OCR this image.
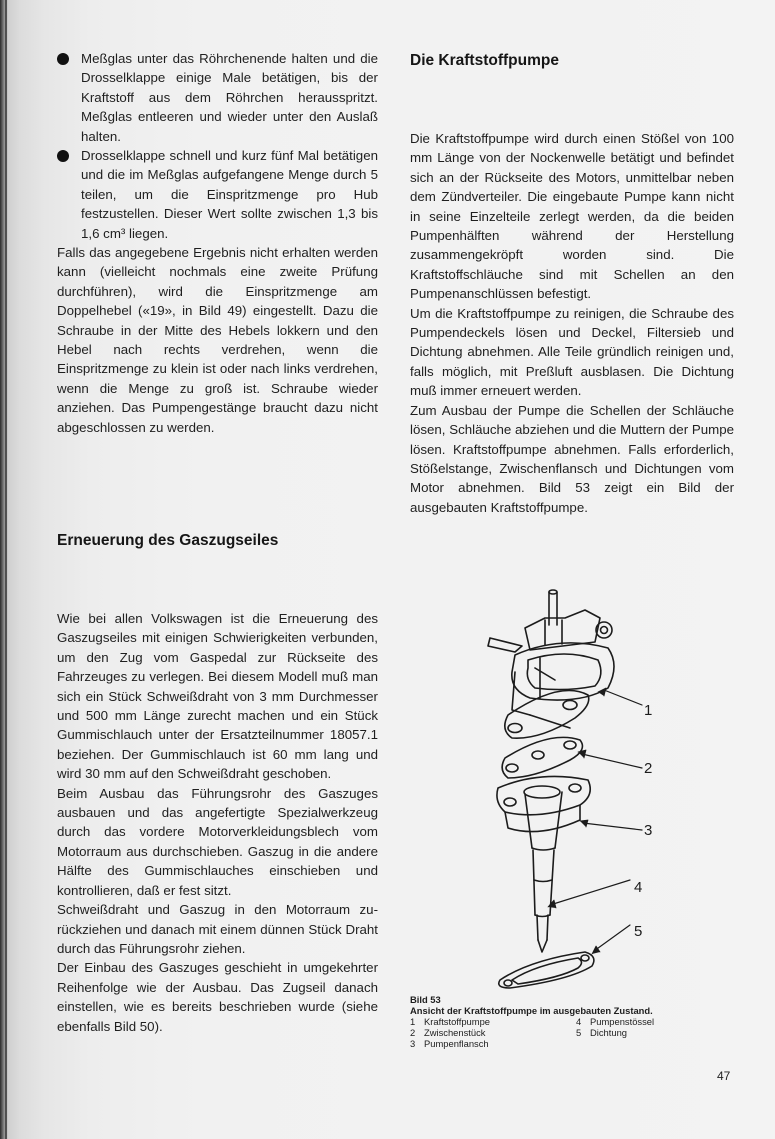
Meßglas unter das Röhrchenende halten und die Drosselklappe einige Male betätigen, bis der Kraftstoff aus dem Röhrchen herausspritzt. Meßglas entleeren und wieder unter den Auslaß halten.

Drosselklappe schnell und kurz fünf Mal betätigen und die im Meßglas aufgefangene Menge durch 5 teilen, um die Einspritzmenge pro Hub festzustellen. Dieser Wert sollte zwischen 1,3 bis 1,6 cm³ liegen.

Falls das angegebene Ergebnis nicht erhalten werden kann (vielleicht nochmals eine zweite Prüfung durchführen), wird die Einspritzmenge am Doppelhebel («19», in Bild 49) eingestellt. Dazu die Schraube in der Mitte des Hebels lokkern und den Hebel nach rechts verdrehen, wenn die Einspritzmenge zu klein ist oder nach links verdrehen, wenn die Menge zu groß ist. Schraube wieder anziehen. Das Pumpengestänge braucht dazu nicht abgeschlossen zu werden.

Erneuerung des Gaszugseiles

Wie bei allen Volkswagen ist die Erneuerung des Gaszugseiles mit einigen Schwierigkeiten verbunden, um den Zug vom Gaspedal zur Rückseite des Fahrzeuges zu verlegen. Bei diesem Modell muß man sich ein Stück Schweißdraht von 3 mm Durchmesser und 500 mm Länge zurecht machen und ein Stück Gummischlauch unter der Ersatzteilnummer 18057.1 beziehen. Der Gummischlauch ist 60 mm lang und wird 30 mm auf den Schweißdraht geschoben.

Beim Ausbau das Führungsrohr des Gaszuges ausbauen und das angefertigte Spezialwerkzeug durch das vordere Motorverkleidungsblech vom Motorraum aus durchschieben. Gaszug in die andere Hälfte des Gummischlauches einschieben und kontrollieren, daß er fest sitzt.

Schweißdraht und Gaszug in den Motorraum zurückziehen und danach mit einem dünnen Stück Draht durch das Führungsrohr ziehen.

Der Einbau des Gaszuges geschieht in umgekehrter Reihenfolge wie der Ausbau. Das Zugseil danach einstellen, wie es bereits beschrieben wurde (siehe ebenfalls Bild 50).

Die Kraftstoffpumpe

Die Kraftstoffpumpe wird durch einen Stößel von 100 mm Länge von der Nockenwelle betätigt und befindet sich an der Rückseite des Motors, unmittelbar neben dem Zündverteiler. Die eingebaute Pumpe kann nicht in seine Einzelteile zerlegt werden, da die beiden Pumpenhälften während der Herstellung zusammengekröpft worden sind. Die Kraftstoffschläuche sind mit Schellen an den Pumpenanschlüssen befestigt.

Um die Kraftstoffpumpe zu reinigen, die Schraube des Pumpendeckels lösen und Deckel, Filtersieb und Dichtung abnehmen. Alle Teile gründlich reinigen und, falls möglich, mit Preßluft ausblasen. Die Dichtung muß immer erneuert werden.

Zum Ausbau der Pumpe die Schellen der Schläuche lösen, Schläuche abziehen und die Muttern der Pumpe lösen. Kraftstoffpumpe abnehmen. Falls erforderlich, Stößelstange, Zwischenflansch und Dichtungen vom Motor abnehmen. Bild 53 zeigt ein Bild der ausgebauten Kraftstoffpumpe.

1
2
3
4
5
Bild 53
Ansicht der Kraftstoffpumpe im ausgebauten Zustand.
1 Kraftstoffpumpe	4 Pumpenstössel
2 Zwischenstück	5 Dichtung
3 Pumpenflansch
47
